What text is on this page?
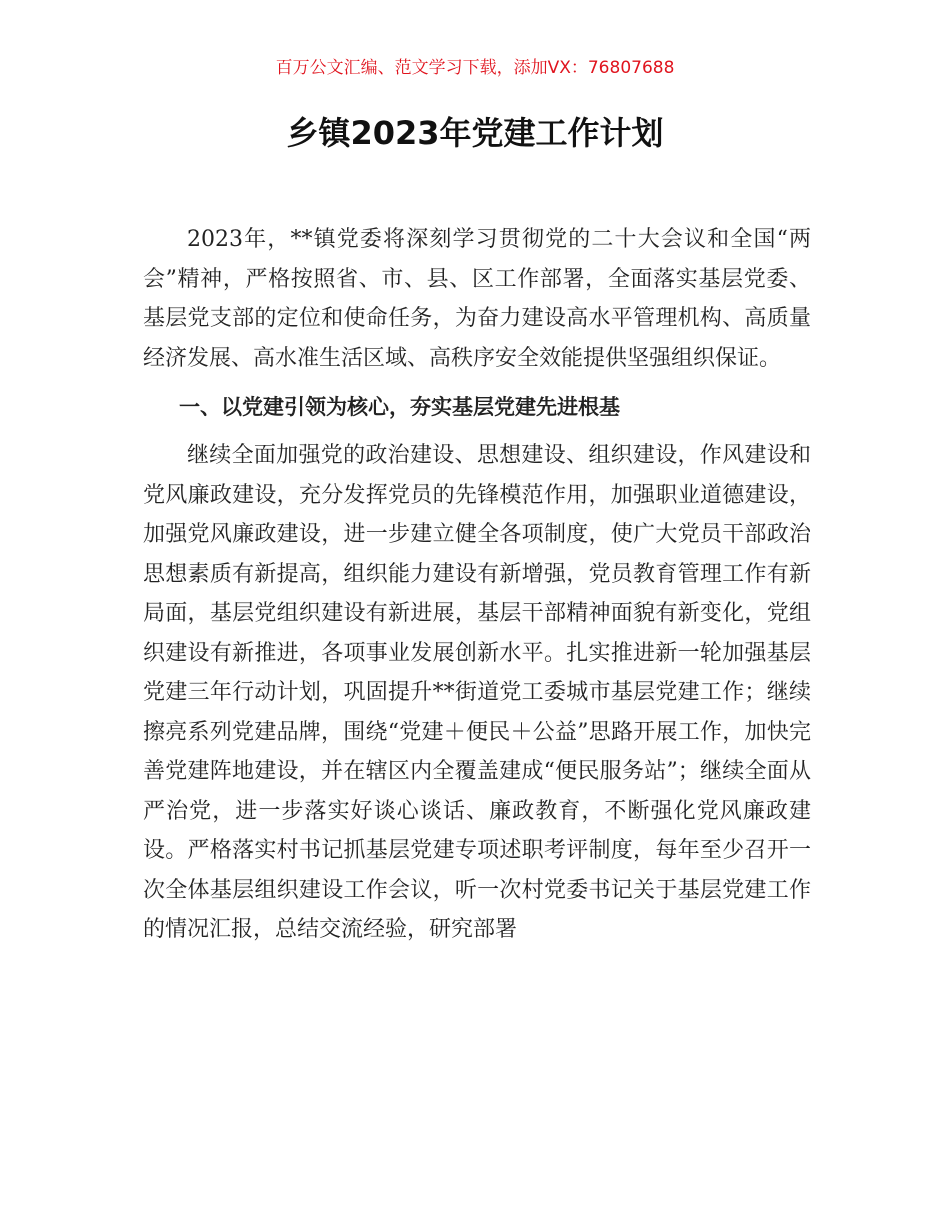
百万公文汇编、范文学习下载，添加VX：76807688
乡镇2023年党建工作计划

2023年，**镇党委将深刻学习贯彻党的二十大会议和全国“两会”精神，严格按照省、市、县、区工作部署，全面落实基层党委、基层党支部的定位和使命任务，为奋力建设高水平管理机构、高质量经济发展、高水准生活区域、高秩序安全效能提供坚强组织保证。

一、以党建引领为核心，夯实基层党建先进根基

继续全面加强党的政治建设、思想建设、组织建设，作风建设和党风廉政建设，充分发挥党员的先锋模范作用，加强职业道德建设，加强党风廉政建设，进一步建立健全各项制度，使广大党员干部政治思想素质有新提高，组织能力建设有新增强，党员教育管理工作有新局面，基层党组织建设有新进展，基层干部精神面貌有新变化，党组织建设有新推进，各项事业发展创新水平。扎实推进新一轮加强基层党建三年行动计划，巩固提升**街道党工委城市基层党建工作；继续擦亮系列党建品牌，围绕“党建＋便民＋公益”思路开展工作，加快完善党建阵地建设，并在辖区内全覆盖建成“便民服务站”；继续全面从严治党，进一步落实好谈心谈话、廉政教育，不断强化党风廉政建设。严格落实村书记抓基层党建专项述职考评制度，每年至少召开一次全体基层组织建设工作会议，听一次村党委书记关于基层党建工作的情况汇报，总结交流经验，研究部署
